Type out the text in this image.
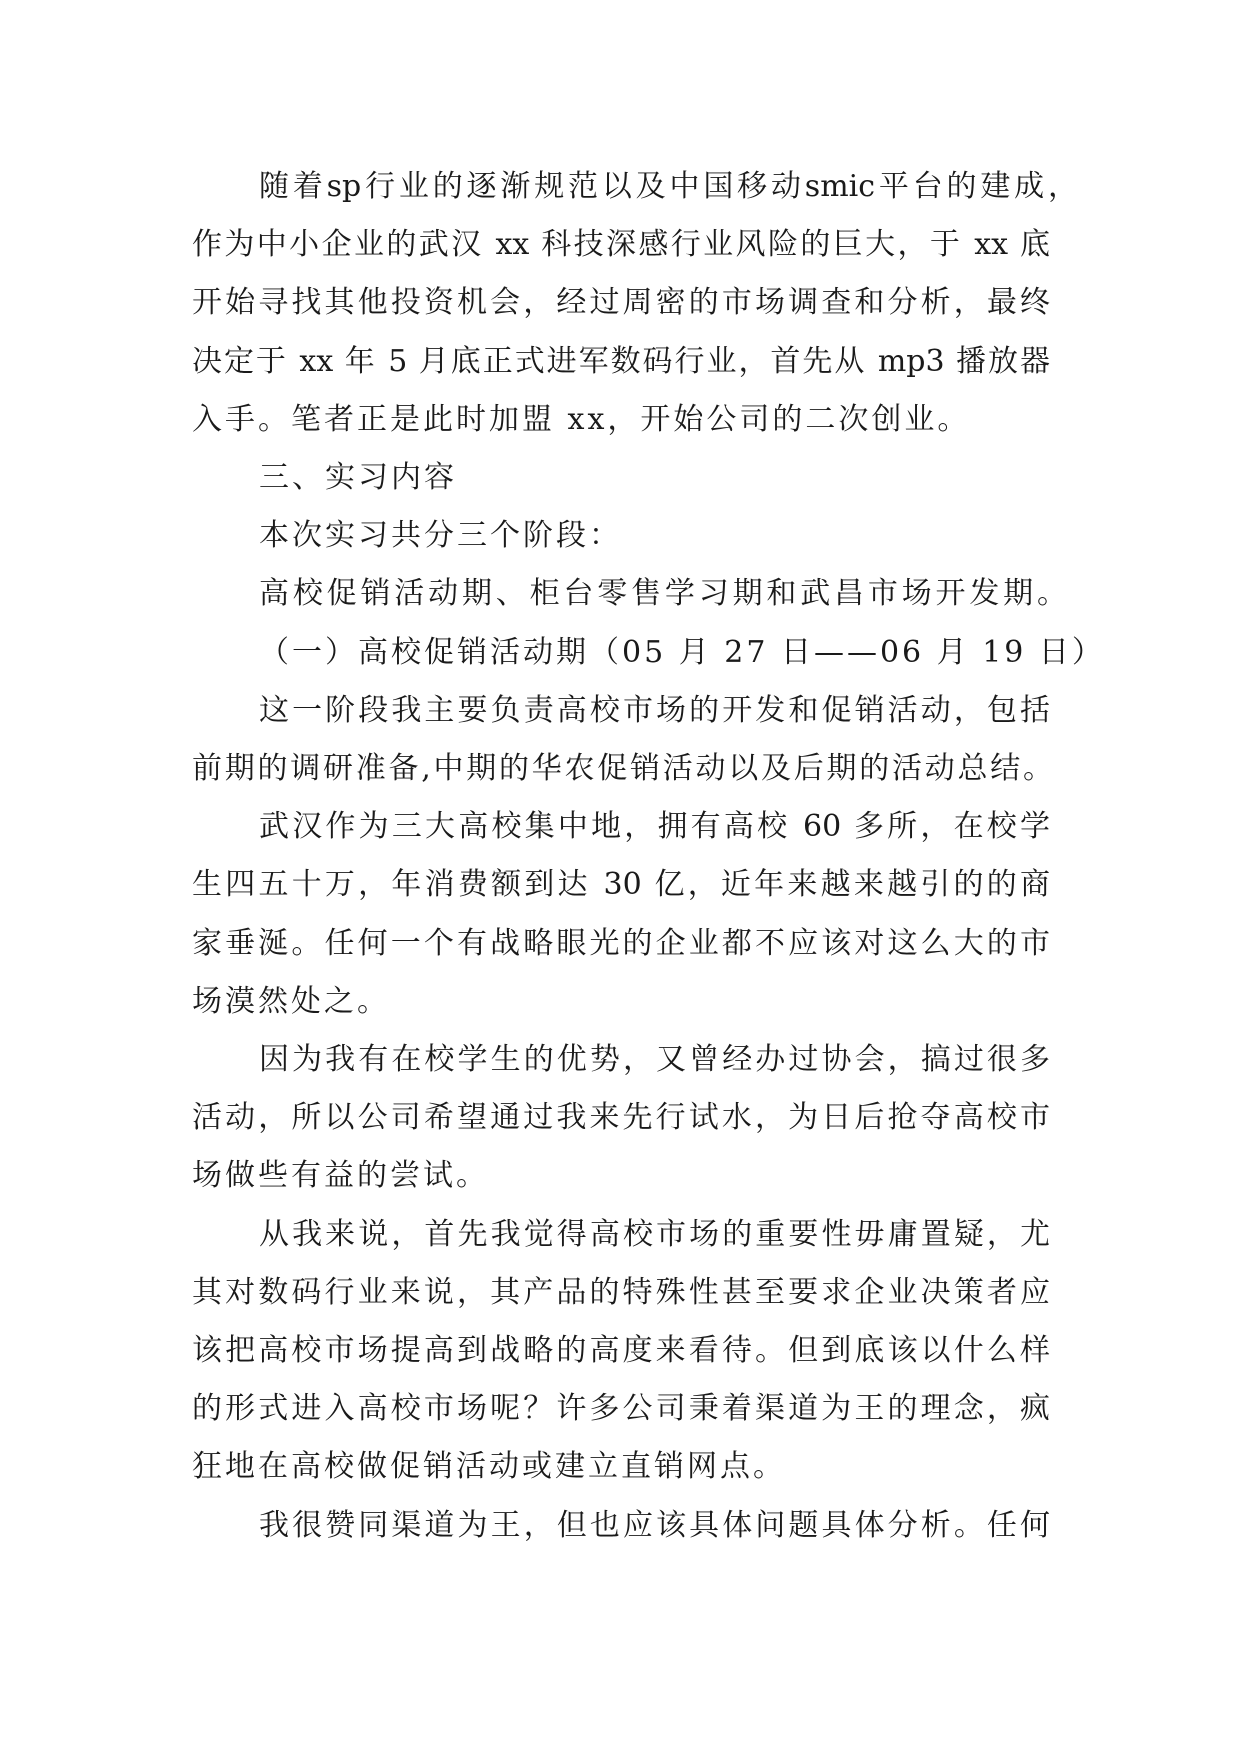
随着sp行业的逐渐规范以及中国移动smic平台的建成，
作为中小企业的武汉 xx 科技深感行业风险的巨大，于 xx 底
开始寻找其他投资机会，经过周密的市场调查和分析，最终
决定于 xx 年 5 月底正式进军数码行业，首先从 mp3 播放器
入手。笔者正是此时加盟 xx，开始公司的二次创业。
三、实习内容
本次实习共分三个阶段：
高校促销活动期、柜台零售学习期和武昌市场开发期。
（一）高校促销活动期（05 月 27 日——06 月 19 日）
这一阶段我主要负责高校市场的开发和促销活动，包括
前期的调研准备,中期的华农促销活动以及后期的活动总结。
武汉作为三大高校集中地，拥有高校 60 多所，在校学
生四五十万，年消费额到达 30 亿，近年来越来越引的的商
家垂涎。任何一个有战略眼光的企业都不应该对这么大的市
场漠然处之。
因为我有在校学生的优势，又曾经办过协会，搞过很多
活动，所以公司希望通过我来先行试水，为日后抢夺高校市
场做些有益的尝试。
从我来说，首先我觉得高校市场的重要性毋庸置疑，尤
其对数码行业来说，其产品的特殊性甚至要求企业决策者应
该把高校市场提高到战略的高度来看待。但到底该以什么样
的形式进入高校市场呢？许多公司秉着渠道为王的理念，疯
狂地在高校做促销活动或建立直销网点。
我很赞同渠道为王，但也应该具体问题具体分析。任何
